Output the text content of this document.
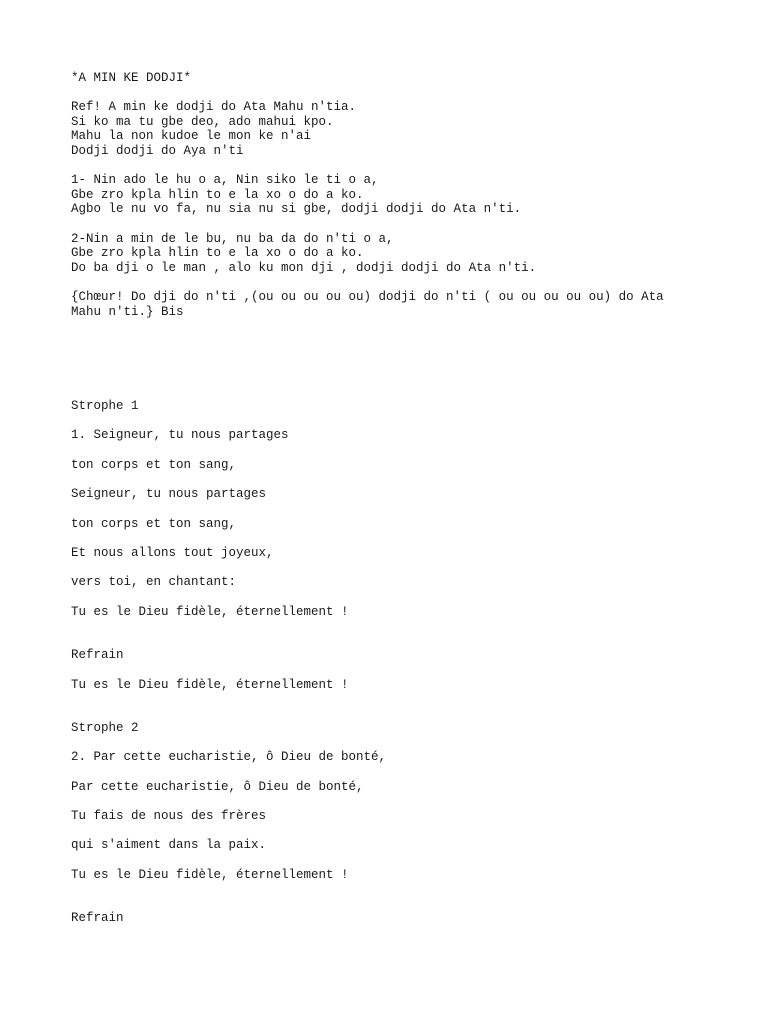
*A MIN KE DODJI*
Ref! A min ke dodji do Ata Mahu n'tia.
Si ko ma tu gbe deo, ado mahui kpo.
Mahu la non kudoe le mon ke n'ai
Dodji dodji do Aya n'ti
1- Nin ado le hu o a, Nin siko le ti o a,
Gbe zro kpla hlin to e la xo o do a ko.
Agbo le nu vo fa, nu sia nu si gbe, dodji dodji do Ata n'ti.
2-Nin a min de le bu, nu ba da do n'ti o a,
Gbe zro kpla hlin to e la xo o do a ko.
Do ba dji o le man , alo ku mon dji , dodji dodji do Ata n'ti.
{Chœur! Do dji do n'ti ,(ou ou ou ou ou) dodji do n'ti ( ou ou ou ou ou) do Ata
Mahu n'ti.} Bis

Strophe 1

1. Seigneur, tu nous partages

ton corps et ton sang,

Seigneur, tu nous partages

ton corps et ton sang,

Et nous allons tout joyeux,

vers toi, en chantant:

Tu es le Dieu fidèle, éternellement !

Refrain

Tu es le Dieu fidèle, éternellement !

Strophe 2

2. Par cette eucharistie, ô Dieu de bonté,

Par cette eucharistie, ô Dieu de bonté,

Tu fais de nous des frères

qui s'aiment dans la paix.

Tu es le Dieu fidèle, éternellement !

Refrain
